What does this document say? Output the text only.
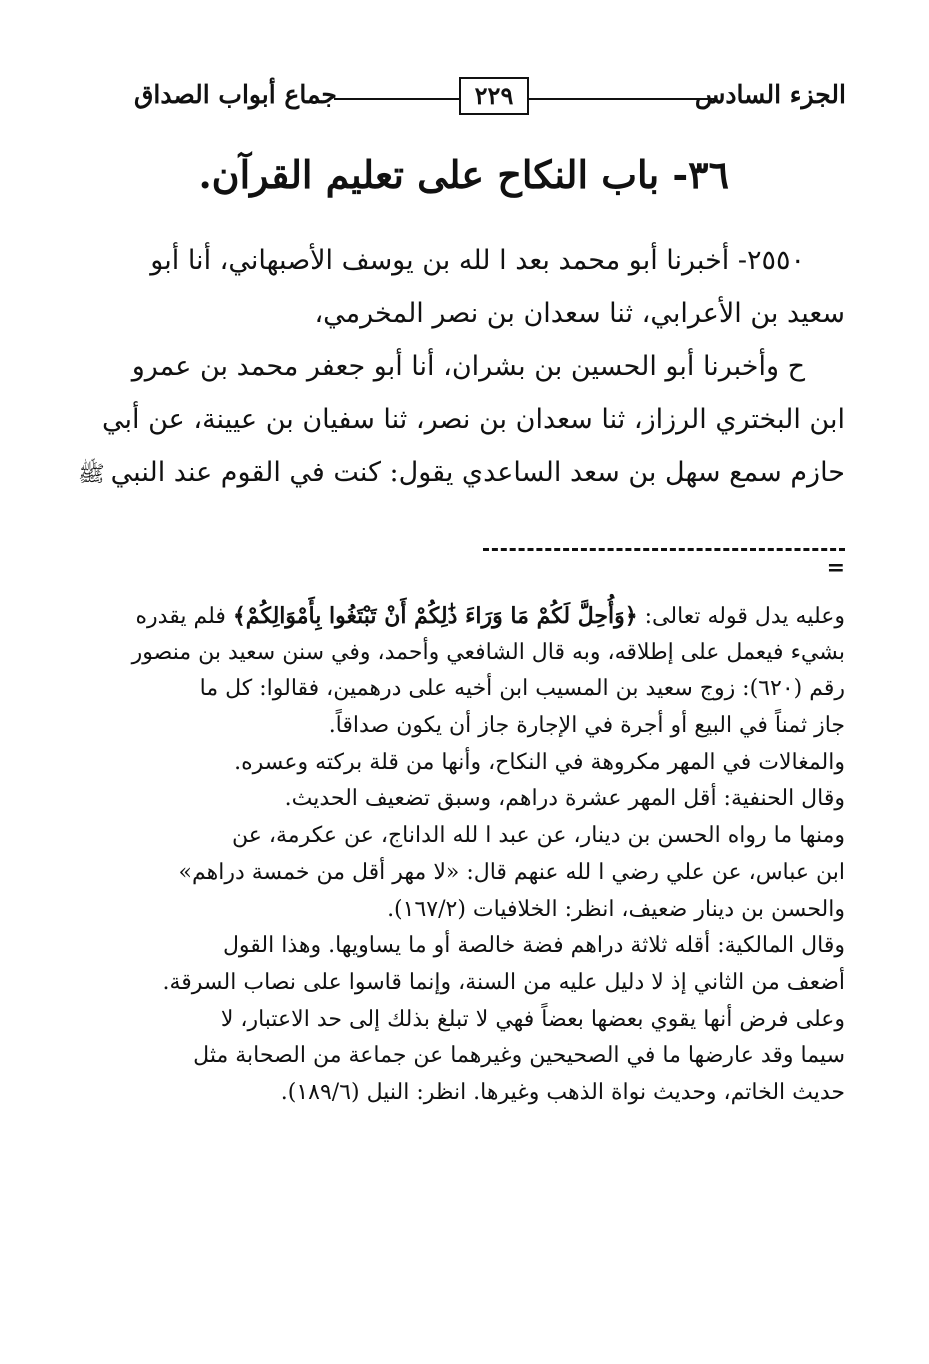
الجزء السادس
٢٢٩
جماع أبواب الصداق
٣٦- باب النكاح على تعليم القرآن.
٢٥٥٠- أخبرنا أبو محمد بعد ا لله بن يوسف الأصبهاني، أنا أبو
سعيد بن الأعرابي، ثنا سعدان بن نصر المخرمي،
ح وأخبرنا أبو الحسين بن بشران، أنا أبو جعفر محمد بن عمرو
ابن البختري الرزاز، ثنا سعدان بن نصر، ثنا سفيان بن عيينة، عن أبي
حازم سمع سهل بن سعد الساعدي يقول: كنت في القوم عند النبيﷺ
=
وعليه يدل قوله تعالى: ﴿وَأُحِلَّ لَكُمْ مَا وَرَاءَ ذَٰلِكُمْ أَنْ تَبْتَغُوا بِأَمْوَالِكُمْ﴾ فلم يقدره
بشيء فيعمل على إطلاقه، وبه قال الشافعي وأحمد، وفي سنن سعيد بن منصور
رقم (٦٢٠): زوج سعيد بن المسيب ابن أخيه على درهمين، فقالوا: كل ما
جاز ثمناً في البيع أو أجرة في الإجارة جاز أن يكون صداقاً.
والمغالات في المهر مكروهة في النكاح، وأنها من قلة بركته وعسره.
وقال الحنفية: أقل المهر عشرة دراهم، وسبق تضعيف الحديث.
ومنها ما رواه الحسن بن دينار، عن عبد ا لله الداناج، عن عكرمة، عن
ابن عباس، عن علي رضي ا لله عنهم قال: «لا مهر أقل من خمسة دراهم»
والحسن بن دينار ضعيف، انظر: الخلافيات (١٦٧/٢).
وقال المالكية: أقله ثلاثة دراهم فضة خالصة أو ما يساويها. وهذا القول
أضعف من الثاني إذ لا دليل عليه من السنة، وإنما قاسوا على نصاب السرقة.
وعلى فرض أنها يقوي بعضها بعضاً فهي لا تبلغ بذلك إلى حد الاعتبار، لا
سيما وقد عارضها ما في الصحيحين وغيرهما عن جماعة من الصحابة مثل
حديث الخاتم، وحديث نواة الذهب وغيرها. انظر: النيل (١٨٩/٦).
